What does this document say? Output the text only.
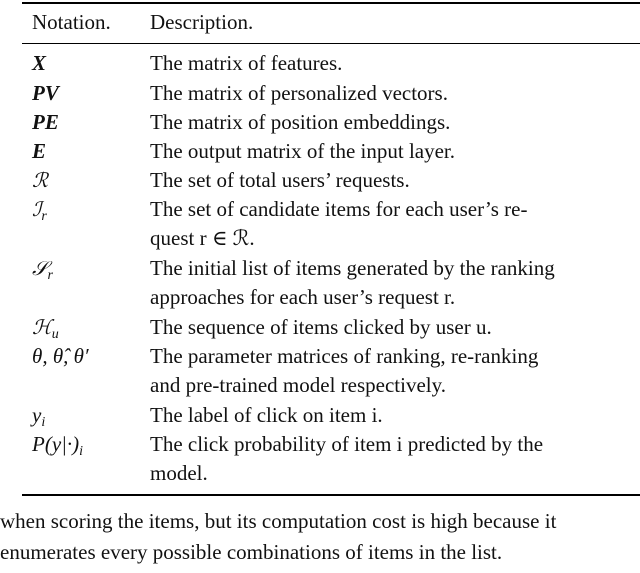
Notation. Description.
X	The matrix of features.
PV	The matrix of personalized vectors.
PE	The matrix of position embeddings.
E	The output matrix of the input layer.
ℛ	The set of total users’ requests.
ℐ$_r$	The set of candidate items for each user’s re-
quest r ∈ ℛ.
𝒮$_r$	The initial list of items generated by the ranking
approaches for each user’s request r.
ℋ$_u$	The sequence of items clicked by user u.
θ, θ̂, θ′	The parameter matrices of ranking, re-ranking
and pre-trained model respectively.
$y_i$	The label of click on item i.
$P(y|\cdot)_i$	The click probability of item i predicted by the
model.
when scoring the items, but its computation cost is high because it
enumerates every possible combinations of items in the list.
